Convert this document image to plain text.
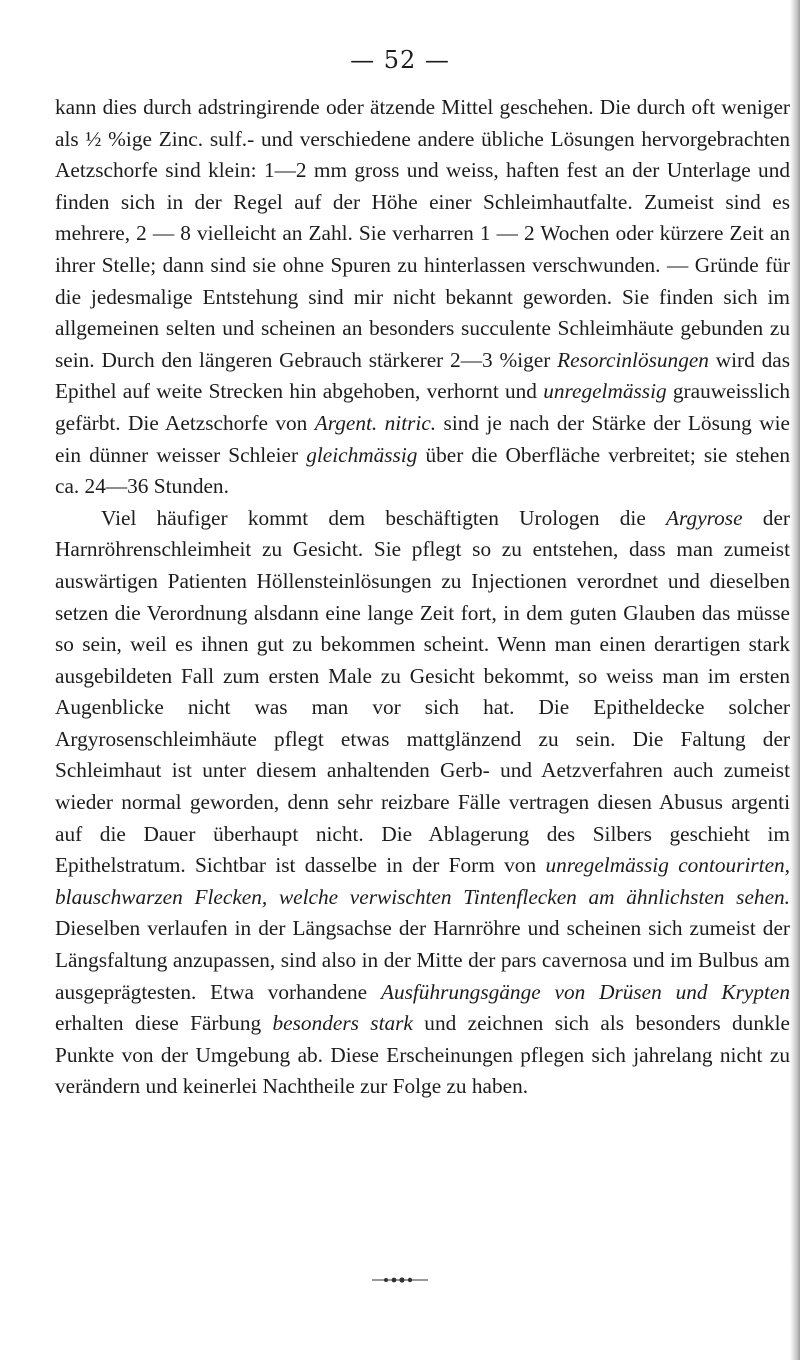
— 52 —

kann dies durch adstringirende oder ätzende Mittel geschehen. Die durch oft weniger als ½ %ige Zinc. sulf.- und verschiedene andere übliche Lösungen hervorgebrachten Aetzschorfe sind klein: 1—2 mm gross und weiss, haften fest an der Unterlage und finden sich in der Regel auf der Höhe einer Schleimhautfalte. Zumeist sind es mehrere, 2 — 8 vielleicht an Zahl. Sie verharren 1 — 2 Wochen oder kürzere Zeit an ihrer Stelle; dann sind sie ohne Spuren zu hinterlassen verschwunden. — Gründe für die jedesmalige Entstehung sind mir nicht bekannt geworden. Sie finden sich im allgemeinen selten und scheinen an besonders succulente Schleimhäute gebunden zu sein. Durch den längeren Gebrauch stärkerer 2—3 %iger Resorcinlösungen wird das Epithel auf weite Strecken hin abgehoben, verhornt und unregelmässig grauweisslich gefärbt. Die Aetzschorfe von Argent. nitric. sind je nach der Stärke der Lösung wie ein dünner weisser Schleier gleichmässig über die Oberfläche verbreitet; sie stehen ca. 24—36 Stunden.

Viel häufiger kommt dem beschäftigten Urologen die Argyrose der Harnröhrenschleimheit zu Gesicht. Sie pflegt so zu entstehen, dass man zumeist auswärtigen Patienten Höllensteinlösungen zu Injectionen verordnet und dieselben setzen die Verordnung alsdann eine lange Zeit fort, in dem guten Glauben das müsse so sein, weil es ihnen gut zu bekommen scheint. Wenn man einen derartigen stark ausgebildeten Fall zum ersten Male zu Gesicht bekommt, so weiss man im ersten Augenblicke nicht was man vor sich hat. Die Epitheldecke solcher Argyrosenschleimhäute pflegt etwas mattglänzend zu sein. Die Faltung der Schleimhaut ist unter diesem anhaltenden Gerb- und Aetzverfahren auch zumeist wieder normal geworden, denn sehr reizbare Fälle vertragen diesen Abusus argenti auf die Dauer überhaupt nicht. Die Ablagerung des Silbers geschieht im Epithelstratum. Sichtbar ist dasselbe in der Form von unregelmässig contourirten, blauschwarzen Flecken, welche verwischten Tintenflecken am ähnlichsten sehen. Dieselben verlaufen in der Längsachse der Harnröhre und scheinen sich zumeist der Längsfaltung anzupassen, sind also in der Mitte der pars cavernosa und im Bulbus am ausgeprägtesten. Etwa vorhandene Ausführungsgänge von Drüsen und Krypten erhalten diese Färbung besonders stark und zeichnen sich als besonders dunkle Punkte von der Umgebung ab. Diese Erscheinungen pflegen sich jahrelang nicht zu verändern und keinerlei Nachtheile zur Folge zu haben.
